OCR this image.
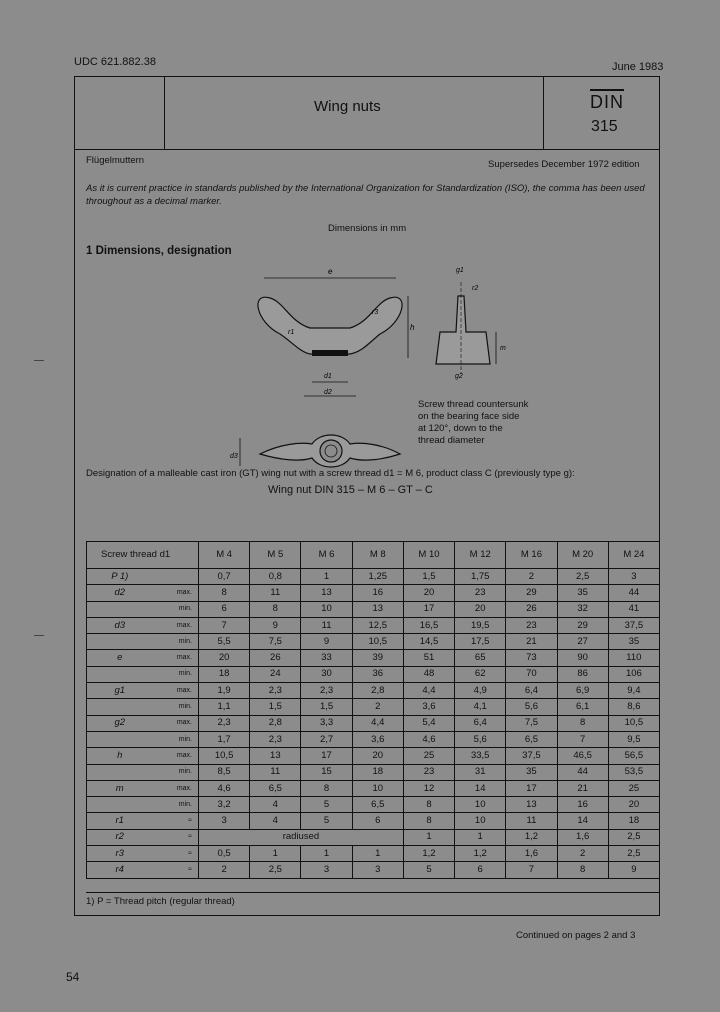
UDC 621.882.38	June 1983
Wing nuts	DIN
315
Flügelmuttern	Supersedes December 1972 edition
As it is current practice in standards published by the International Organization for Standardization (ISO), the comma has been used throughout as a decimal marker.
Dimensions in mm
1 Dimensions, designation
e
h
r1
r3
d1
d2
g1
r2
m
g2
d3
Screw thread countersunk
on the bearing face side
at 120°, down to the
thread diameter
Designation of a malleable cast iron (GT) wing nut with a screw thread d1 = M 6, product class C (previously type g):
Wing nut DIN 315 – M 6 – GT – C
Screw thread d1		M 4	M 5	M 6	M 8	M 10	M 12	M 16	M 20	M 24
P 1)		0,7	0,8	1	1,25	1,5	1,75	2	2,5	3
d2	max.	8	11	13	16	20	23	29	35	44
	min.	6	8	10	13	17	20	26	32	41
d3	max.	7	9	11	12,5	16,5	19,5	23	29	37,5
	min.	5,5	7,5	9	10,5	14,5	17,5	21	27	35
e	max.	20	26	33	39	51	65	73	90	110
	min.	18	24	30	36	48	62	70	86	106
g1	max.	1,9	2,3	2,3	2,8	4,4	4,9	6,4	6,9	9,4
	min.	1,1	1,5	1,5	2	3,6	4,1	5,6	6,1	8,6
g2	max.	2,3	2,8	3,3	4,4	5,4	6,4	7,5	8	10,5
	min.	1,7	2,3	2,7	3,6	4,6	5,6	6,5	7	9,5
h	max.	10,5	13	17	20	25	33,5	37,5	46,5	56,5
	min.	8,5	11	15	18	23	31	35	44	53,5
m	max.	4,6	6,5	8	10	12	14	17	21	25
	min.	3,2	4	5	6,5	8	10	13	16	20
r1	≈	3	4	5	6	8	10	11	14	18
r2	≈	radiused				1	1	1,2	1,6	2,5
r3	≈	0,5	1	1	1	1,2	1,2	1,6	2	2,5
r4	≈	2	2,5	3	3	5	6	7	8	9
1) P = Thread pitch (regular thread)
Continued on pages 2 and 3
54
